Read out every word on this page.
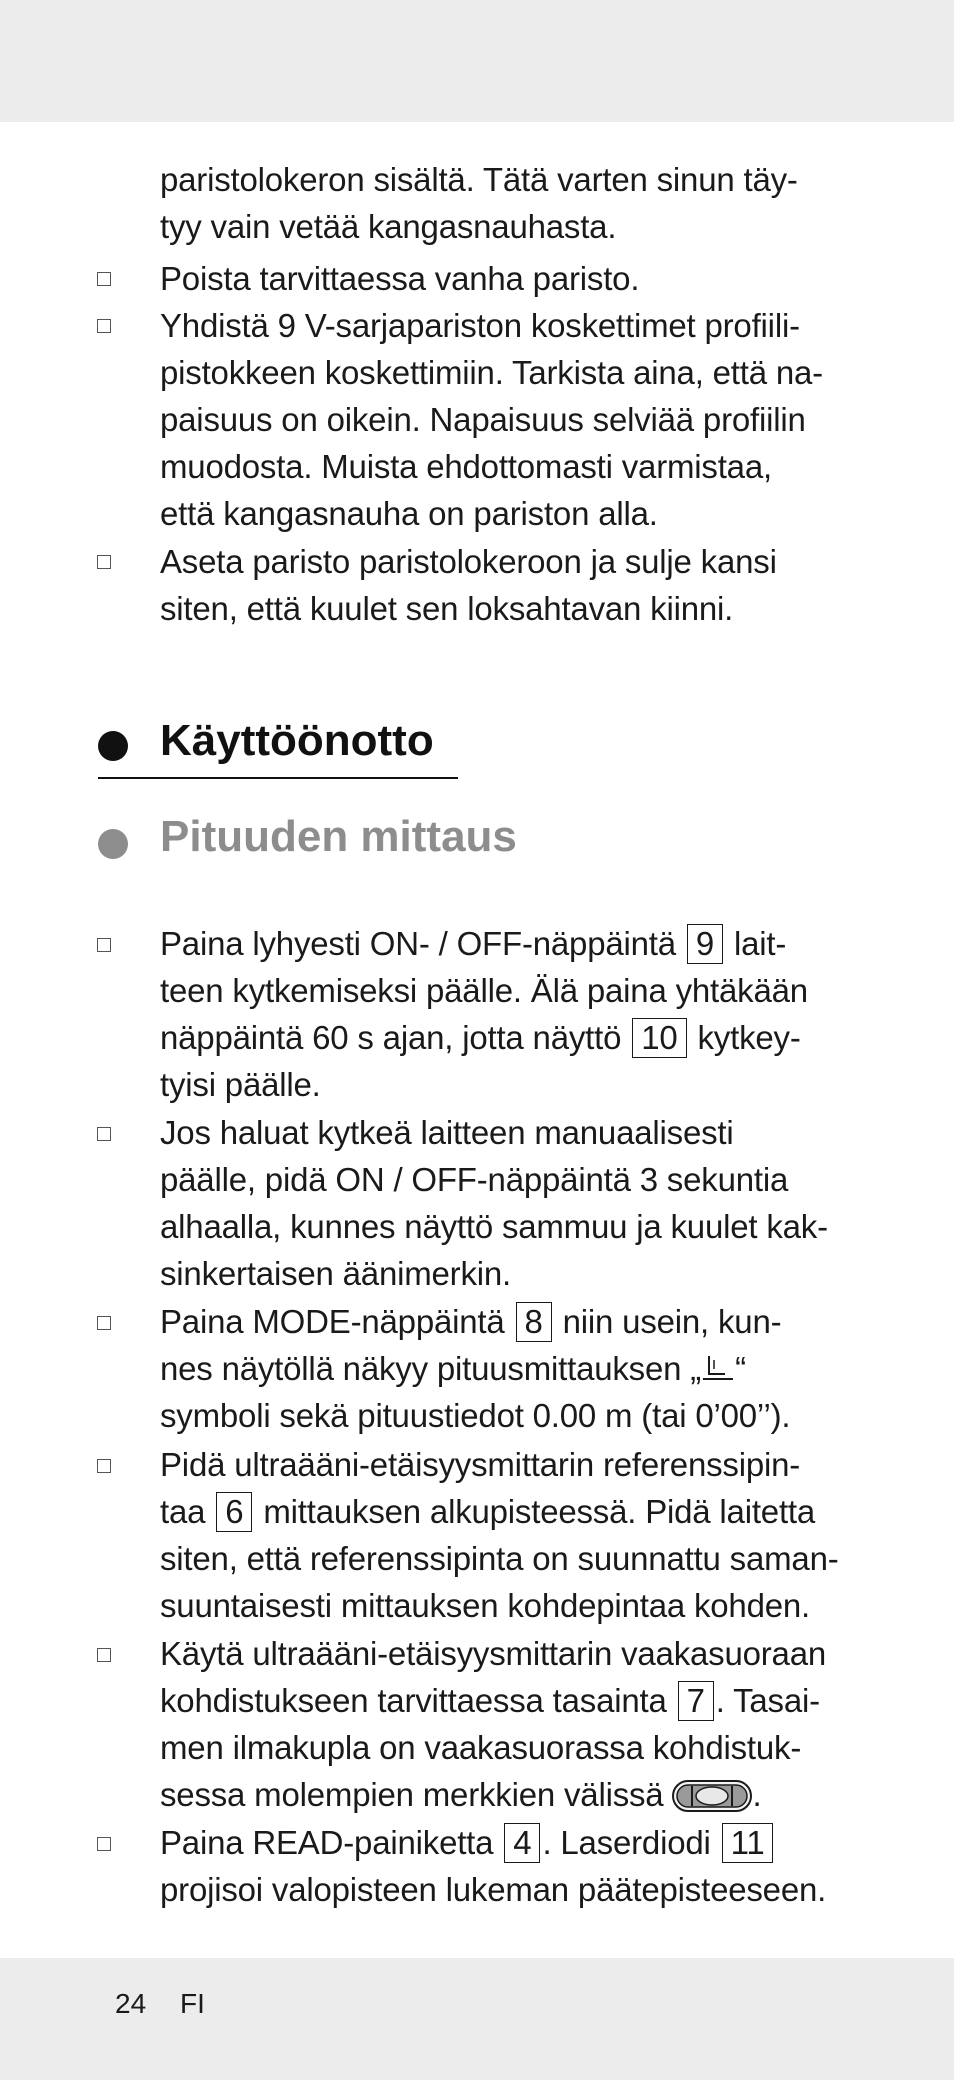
paristolokeron sisältä. Tätä varten sinun täy-
tyy vain vetää kangasnauhasta.
Poista tarvittaessa vanha paristo.
Yhdistä 9 V-sarjapariston koskettimet profiili-
pistokkeen koskettimiin. Tarkista aina, että na-
paisuus on oikein. Napaisuus selviää profiilin
muodosta. Muista ehdottomasti varmistaa,
että kangasnauha on pariston alla.
Aseta paristo paristolokeroon ja sulje kansi
siten, että kuulet sen loksahtavan kiinni.
Käyttöönotto
Pituuden mittaus
Paina lyhyesti ON- / OFF-näppäintä 9 lait-
teen kytkemiseksi päälle. Älä paina yhtäkään
näppäintä 60 s ajan, jotta näyttö 10 kytkey-
tyisi päälle.
Jos haluat kytkeä laitteen manuaalisesti
päälle, pidä ON / OFF-näppäintä 3 sekuntia
alhaalla, kunnes näyttö sammuu ja kuulet kak-
sinkertaisen äänimerkin.
Paina MODE-näppäintä 8 niin usein, kun-
nes näytöllä näkyy pituusmittauksen „ “
symboli sekä pituustiedot 0.00 m (tai 0’00’’).
Pidä ultraääni-etäisyysmittarin referenssipin-
taa 6 mittauksen alkupisteessä. Pidä laitetta
siten, että referenssipinta on suunnattu saman-
suuntaisesti mittauksen kohdepintaa kohden.
Käytä ultraääni-etäisyysmittarin vaakasuoraan
kohdistukseen tarvittaessa tasainta 7 . Tasai-
men ilmakupla on vaakasuorassa kohdistuk-
sessa molempien merkkien välissä	.
Paina READ-painiketta 4 . Laserdiodi 11
projisoi valopisteen lukeman päätepisteeseen.
24 FI
